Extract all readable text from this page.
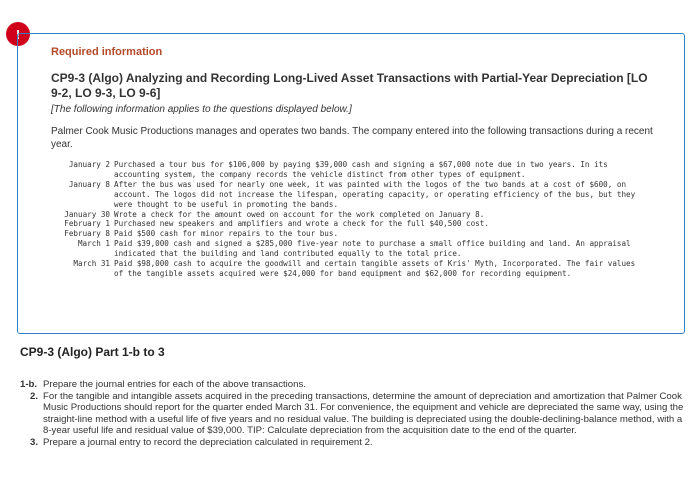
!
Required information
CP9-3 (Algo) Analyzing and Recording Long-Lived Asset Transactions with Partial-Year Depreciation [LO 9-2, LO 9-3, LO 9-6]
[The following information applies to the questions displayed below.]
Palmer Cook Music Productions manages and operates two bands. The company entered into the following transactions during a recent year.
January 2	Purchased a tour bus for $106,000 by paying $39,000 cash and signing a $67,000 note due in two years. In its accounting system, the company records the vehicle distinct from other types of equipment.
January 8	After the bus was used for nearly one week, it was painted with the logos of the two bands at a cost of $600, on account. The logos did not increase the lifespan, operating capacity, or operating efficiency of the bus, but they were thought to be useful in promoting the bands.
January 30	Wrote a check for the amount owed on account for the work completed on January 8.
February 1	Purchased new speakers and amplifiers and wrote a check for the full $40,500 cost.
February 8	Paid $500 cash for minor repairs to the tour bus.
March 1	Paid $39,000 cash and signed a $285,000 five-year note to purchase a small office building and land. An appraisal indicated that the building and land contributed equally to the total price.
March 31	Paid $98,000 cash to acquire the goodwill and certain tangible assets of Kris' Myth, Incorporated. The fair values of the tangible assets acquired were $24,000 for band equipment and $62,000 for recording equipment.
CP9-3 (Algo) Part 1-b to 3
1-b. Prepare the journal entries for each of the above transactions.
2. For the tangible and intangible assets acquired in the preceding transactions, determine the amount of depreciation and amortization that Palmer Cook Music Productions should report for the quarter ended March 31. For convenience, the equipment and vehicle are depreciated the same way, using the straight-line method with a useful life of five years and no residual value. The building is depreciated using the double-declining-balance method, with a 8-year useful life and residual value of $39,000. TIP: Calculate depreciation from the acquisition date to the end of the quarter.
3. Prepare a journal entry to record the depreciation calculated in requirement 2.
